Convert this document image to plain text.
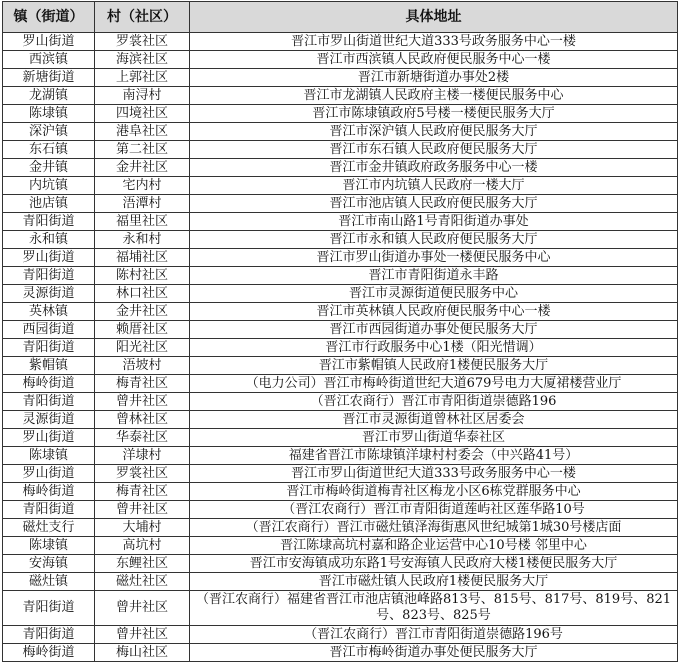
镇（街道）	村（社区）	具体地址
罗山街道	罗裳社区	晋江市罗山街道世纪大道333号政务服务中心一楼
西滨镇	海滨社区	晋江市西滨镇人民政府便民服务中心一楼
新塘街道	上郭社区	晋江市新塘街道办事处2楼
龙湖镇	南浔村	晋江市龙湖镇人民政府主楼一楼便民服务中心
陈埭镇	四境社区	晋江市陈埭镇政府5号楼一楼便民服务大厅
深沪镇	港阜社区	晋江市深沪镇人民政府便民服务大厅
东石镇	第二社区	晋江市东石镇人民政府便民服务大厅
金井镇	金井社区	晋江市金井镇政府政务服务中心一楼
内坑镇	宅内村	晋江市内坑镇人民政府一楼大厅
池店镇	浯潭村	晋江市池店镇人民政府便民服务大厅
青阳街道	福里社区	晋江市南山路1号青阳街道办事处
永和镇	永和村	晋江市永和镇人民政府便民服务大厅
罗山街道	福埔社区	晋江市罗山街道办事处一楼便民服务中心
青阳街道	陈村社区	晋江市青阳街道永丰路
灵源街道	林口社区	晋江市灵源街道便民服务中心
英林镇	金井社区	晋江市英林镇人民政府便民服务中心一楼
西园街道	赖厝社区	晋江市西园街道办事处便民服务大厅
青阳街道	阳光社区	晋江市行政服务中心1楼（阳光惜调）
紫帽镇	浯坡村	晋江市紫帽镇人民政府1楼便民服务大厅
梅岭街道	梅青社区	（电力公司）晋江市梅岭街道世纪大道679号电力大厦裙楼营业厅
青阳街道	曾井社区	（晋江农商行）晋江市青阳街道崇德路196
灵源街道	曾林社区	晋江市灵源街道曾林社区居委会
罗山街道	华泰社区	晋江市罗山街道华泰社区
陈埭镇	洋埭村	福建省晋江市陈埭镇洋埭村村委会（中兴路41号）
罗山街道	罗裳社区	晋江市罗山街道世纪大道333号政务服务中心一楼
梅岭街道	梅青社区	晋江市梅岭街道梅青社区梅龙小区6栋党群服务中心
青阳街道	曾井社区	（晋江农商行）晋江市青阳街道莲屿社区莲华路10号
磁灶支行	大埔村	（晋江农商行）晋江市磁灶镇泽海街惠风世纪城第1城30号楼店面
陈埭镇	高坑村	晋江陈埭高坑村嘉和路企业运营中心10号楼 邻里中心
安海镇	东鲤社区	晋江市安海镇成功东路1号安海镇人民政府大楼1楼便民服务大厅
磁灶镇	磁灶社区	晋江市磁灶镇人民政府1楼便民服务大厅
青阳街道	曾井社区	（晋江农商行）福建省晋江市池店镇池峰路813号、815号、817号、819号、821号、823号、825号
青阳街道	曾井社区	（晋江农商行）晋江市青阳街道崇德路196号
梅岭街道	梅山社区	晋江市梅岭街道办事处便民服务大厅
